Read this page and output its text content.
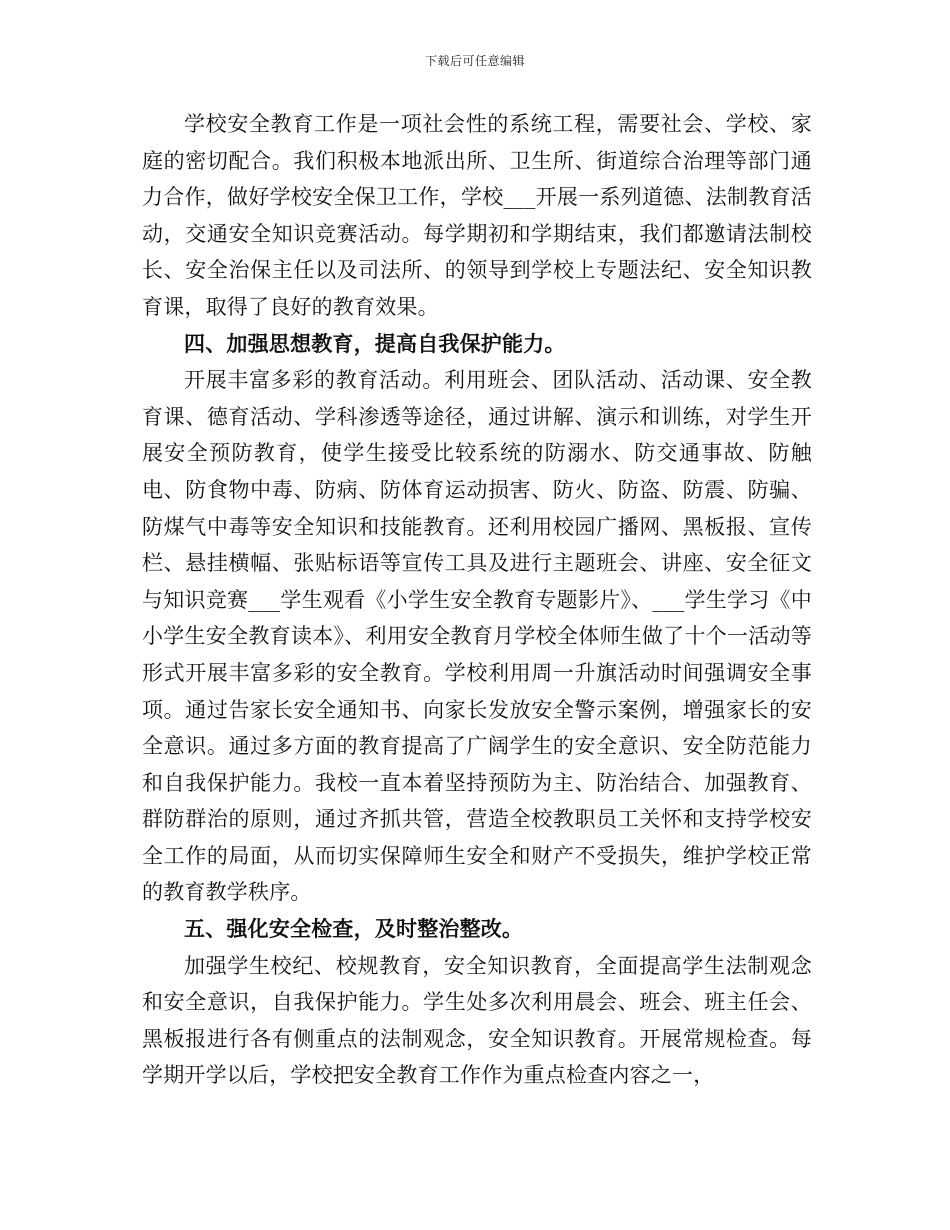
下载后可任意编辑

学校安全教育工作是一项社会性的系统工程，需要社会、学校、家庭的密切配合。我们积极本地派出所、卫生所、街道综合治理等部门通力合作，做好学校安全保卫工作，学校___开展一系列道德、法制教育活动，交通安全知识竞赛活动。每学期初和学期结束，我们都邀请法制校长、安全治保主任以及司法所、的领导到学校上专题法纪、安全知识教育课，取得了良好的教育效果。

四、加强思想教育，提高自我保护能力。

开展丰富多彩的教育活动。利用班会、团队活动、活动课、安全教育课、德育活动、学科渗透等途径，通过讲解、演示和训练，对学生开展安全预防教育，使学生接受比较系统的防溺水、防交通事故、防触电、防食物中毒、防病、防体育运动损害、防火、防盗、防震、防骗、防煤气中毒等安全知识和技能教育。还利用校园广播网、黑板报、宣传栏、悬挂横幅、张贴标语等宣传工具及进行主题班会、讲座、安全征文与知识竞赛___学生观看《小学生安全教育专题影片》、___学生学习《中小学生安全教育读本》、利用安全教育月学校全体师生做了十个一活动等形式开展丰富多彩的安全教育。学校利用周一升旗活动时间强调安全事项。通过告家长安全通知书、向家长发放安全警示案例，增强家长的安全意识。通过多方面的教育提高了广阔学生的安全意识、安全防范能力和自我保护能力。我校一直本着坚持预防为主、防治结合、加强教育、群防群治的原则，通过齐抓共管，营造全校教职员工关怀和支持学校安全工作的局面，从而切实保障师生安全和财产不受损失，维护学校正常的教育教学秩序。

五、强化安全检查，及时整治整改。

加强学生校纪、校规教育，安全知识教育，全面提高学生法制观念和安全意识，自我保护能力。学生处多次利用晨会、班会、班主任会、黑板报进行各有侧重点的法制观念，安全知识教育。开展常规检查。每学期开学以后，学校把安全教育工作作为重点检查内容之一，
